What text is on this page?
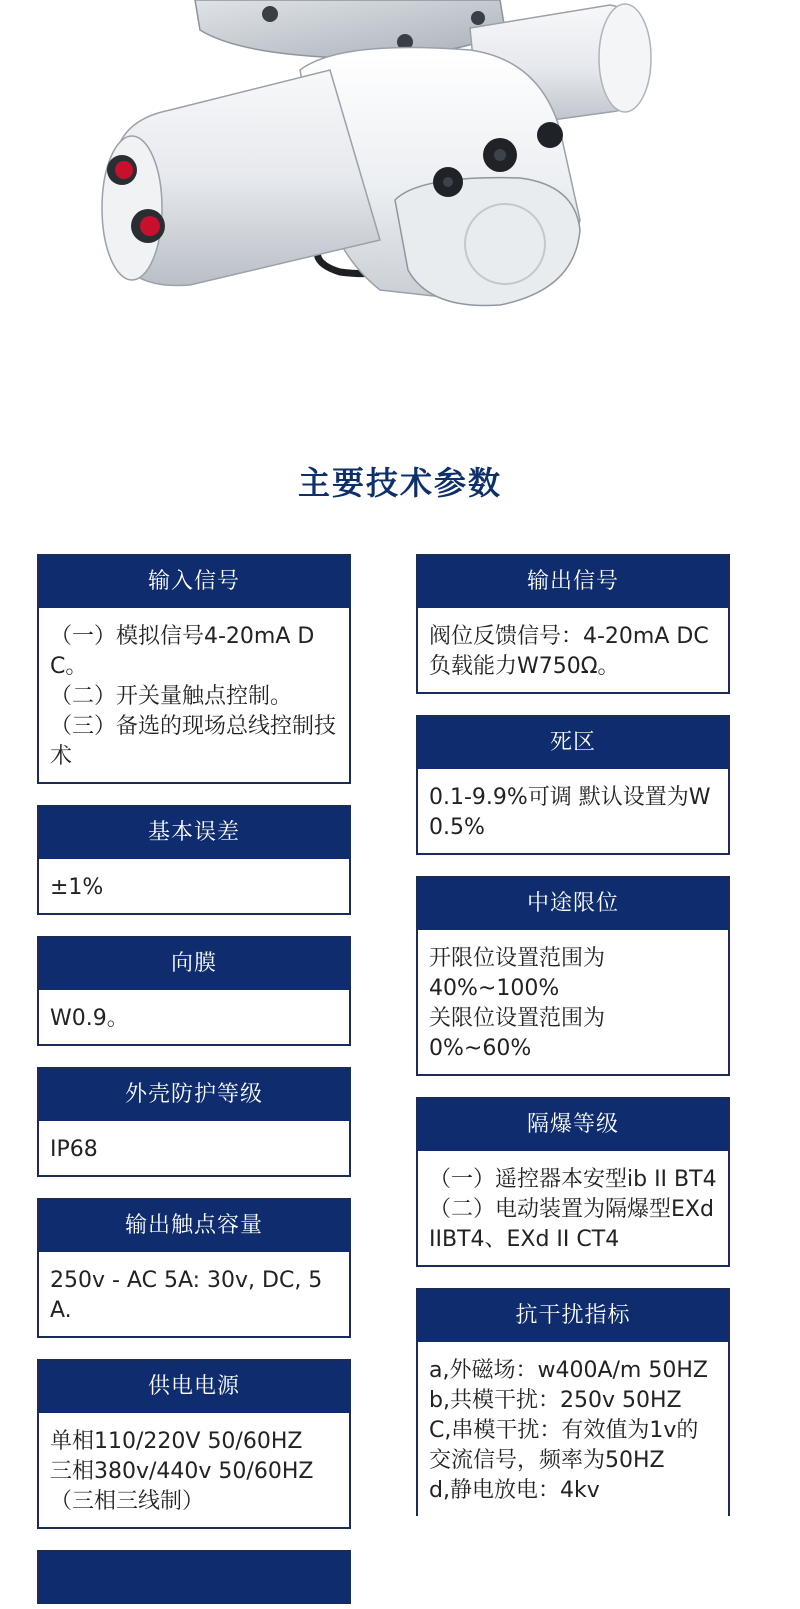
主要技术参数
输入信号
（一）模拟信号4-20mA DC。
（二）开关量触点控制。
（三）备选的现场总线控制技术
基本误差
±1%
向膜
W0.9。
外壳防护等级
IP68
输出触点容量
250v - AC 5A: 30v, DC, 5A.
供电电源
单相110/220V 50/60HZ
三相380v/440v 50/60HZ
（三相三线制）
输出信号
阀位反馈信号：4-20mA DC负载能力W750Ω。
死区
0.1-9.9%可调 默认设置为W0.5%
中途限位
开限位设置范围为
40%~100%
关限位设置范围为
0%~60%
隔爆等级
（一）遥控器本安型ib II BT4
（二）电动装置为隔爆型EXdIIBT4、EXd II CT4
抗干扰指标
a,外磁场：w400A/m 50HZ
b,共模干扰：250v 50HZ
C,串模干扰：有效值为1v的交流信号，频率为50HZ
d,静电放电：4kv
